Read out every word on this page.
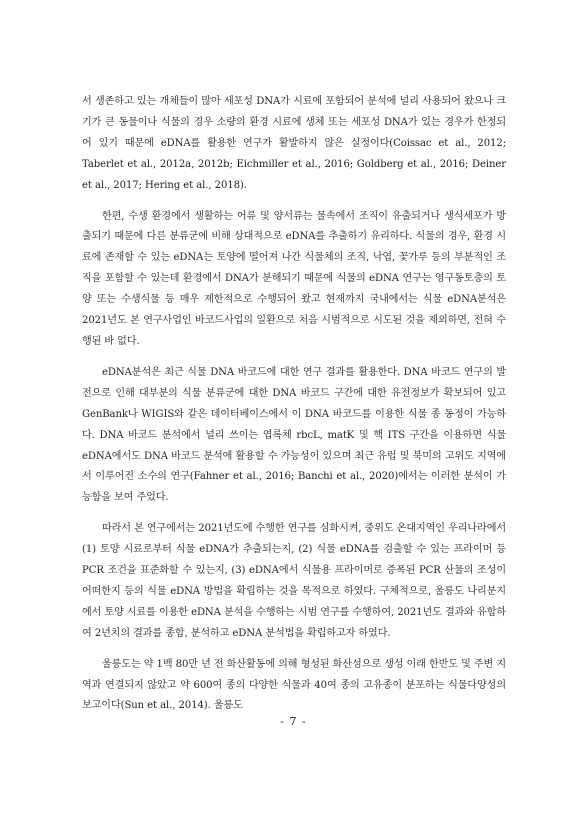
서 생존하고 있는 개체들이 많아 세포성 DNA가 시료에 포함되어 분석에 널리 사용되어 왔으나 크기가 큰 동물이나 식물의 경우 소량의 환경 시료에 생체 또는 세포성 DNA가 있는 경우가 한정되어 있기 때문에 eDNA를 활용한 연구가 활발하지 않은 실정이다(Coissac et al., 2012; Taberlet et al., 2012a, 2012b; Eichmiller et al., 2016; Goldberg et al., 2016; Deiner et al., 2017; Hering et al., 2018).

한편, 수생 환경에서 생활하는 어류 및 양서류는 물속에서 조직이 유출되거나 생식세포가 방출되기 때문에 다른 분류군에 비해 상대적으로 eDNA를 추출하기 유리하다. 식물의 경우, 환경 시료에 존재할 수 있는 eDNA는 토양에 떨어져 나간 식물체의 조직, 낙엽, 꽃가루 등의 부분적인 조직을 포함할 수 있는데 환경에서 DNA가 분해되기 때문에 식물의 eDNA 연구는 영구동토층의 토양 또는 수생식물 등 매우 제한적으로 수행되어 왔고 현재까지 국내에서는 식물 eDNA분석은 2021년도 본 연구사업인 바코드사업의 일환으로 처음 시범적으로 시도된 것을 제외하면, 전혀 수행된 바 없다.

eDNA분석은 최근 식물 DNA 바코드에 대한 연구 결과를 활용한다. DNA 바코드 연구의 발전으로 인해 대부분의 식물 분류군에 대한 DNA 바코드 구간에 대한 유전정보가 확보되어 있고 GenBank나 WIGIS와 같은 데이터베이스에서 이 DNA 바코드를 이용한 식물 종 동정이 가능하다. DNA 바코드 분석에서 널리 쓰이는 엽록체 rbcL, matK 및 핵 ITS 구간을 이용하면 식물 eDNA에서도 DNA 바코드 분석에 활용할 수 가능성이 있으며 최근 유럽 및 북미의 고위도 지역에서 이루어진 소수의 연구(Fahner et al., 2016; Banchi et al., 2020)에서는 이러한 분석이 가능함을 보여 주었다.

따라서 본 연구에서는 2021년도에 수행한 연구를 심화시켜, 중위도 온대지역인 우리나라에서 (1) 토양 시료로부터 식물 eDNA가 추출되는지, (2) 식물 eDNA를 검출할 수 있는 프라이머 등 PCR 조건을 표준화할 수 있는지, (3) eDNA에서 식물용 프라이머로 증폭된 PCR 산물의 조성이 어떠한지 등의 식물 eDNA 방법을 확립하는 것을 목적으로 하였다. 구체적으로, 울릉도 나리분지에서 토양 시료를 이용한 eDNA 분석을 수행하는 시범 연구를 수행하여, 2021년도 결과와 유합하여 2년치의 결과를 종합, 분석하고 eDNA 분석법을 확립하고자 하였다.

울릉도는 약 1백 80만 년 전 화산활동에 의해 형성된 화산섬으로 생성 이래 한반도 및 주변 지역과 연결되지 않았고 약 600여 종의 다양한 식물과 40여 종의 고유종이 분포하는 식물다양성의 보고이다(Sun et al., 2014). 울릉도

- 7 -
